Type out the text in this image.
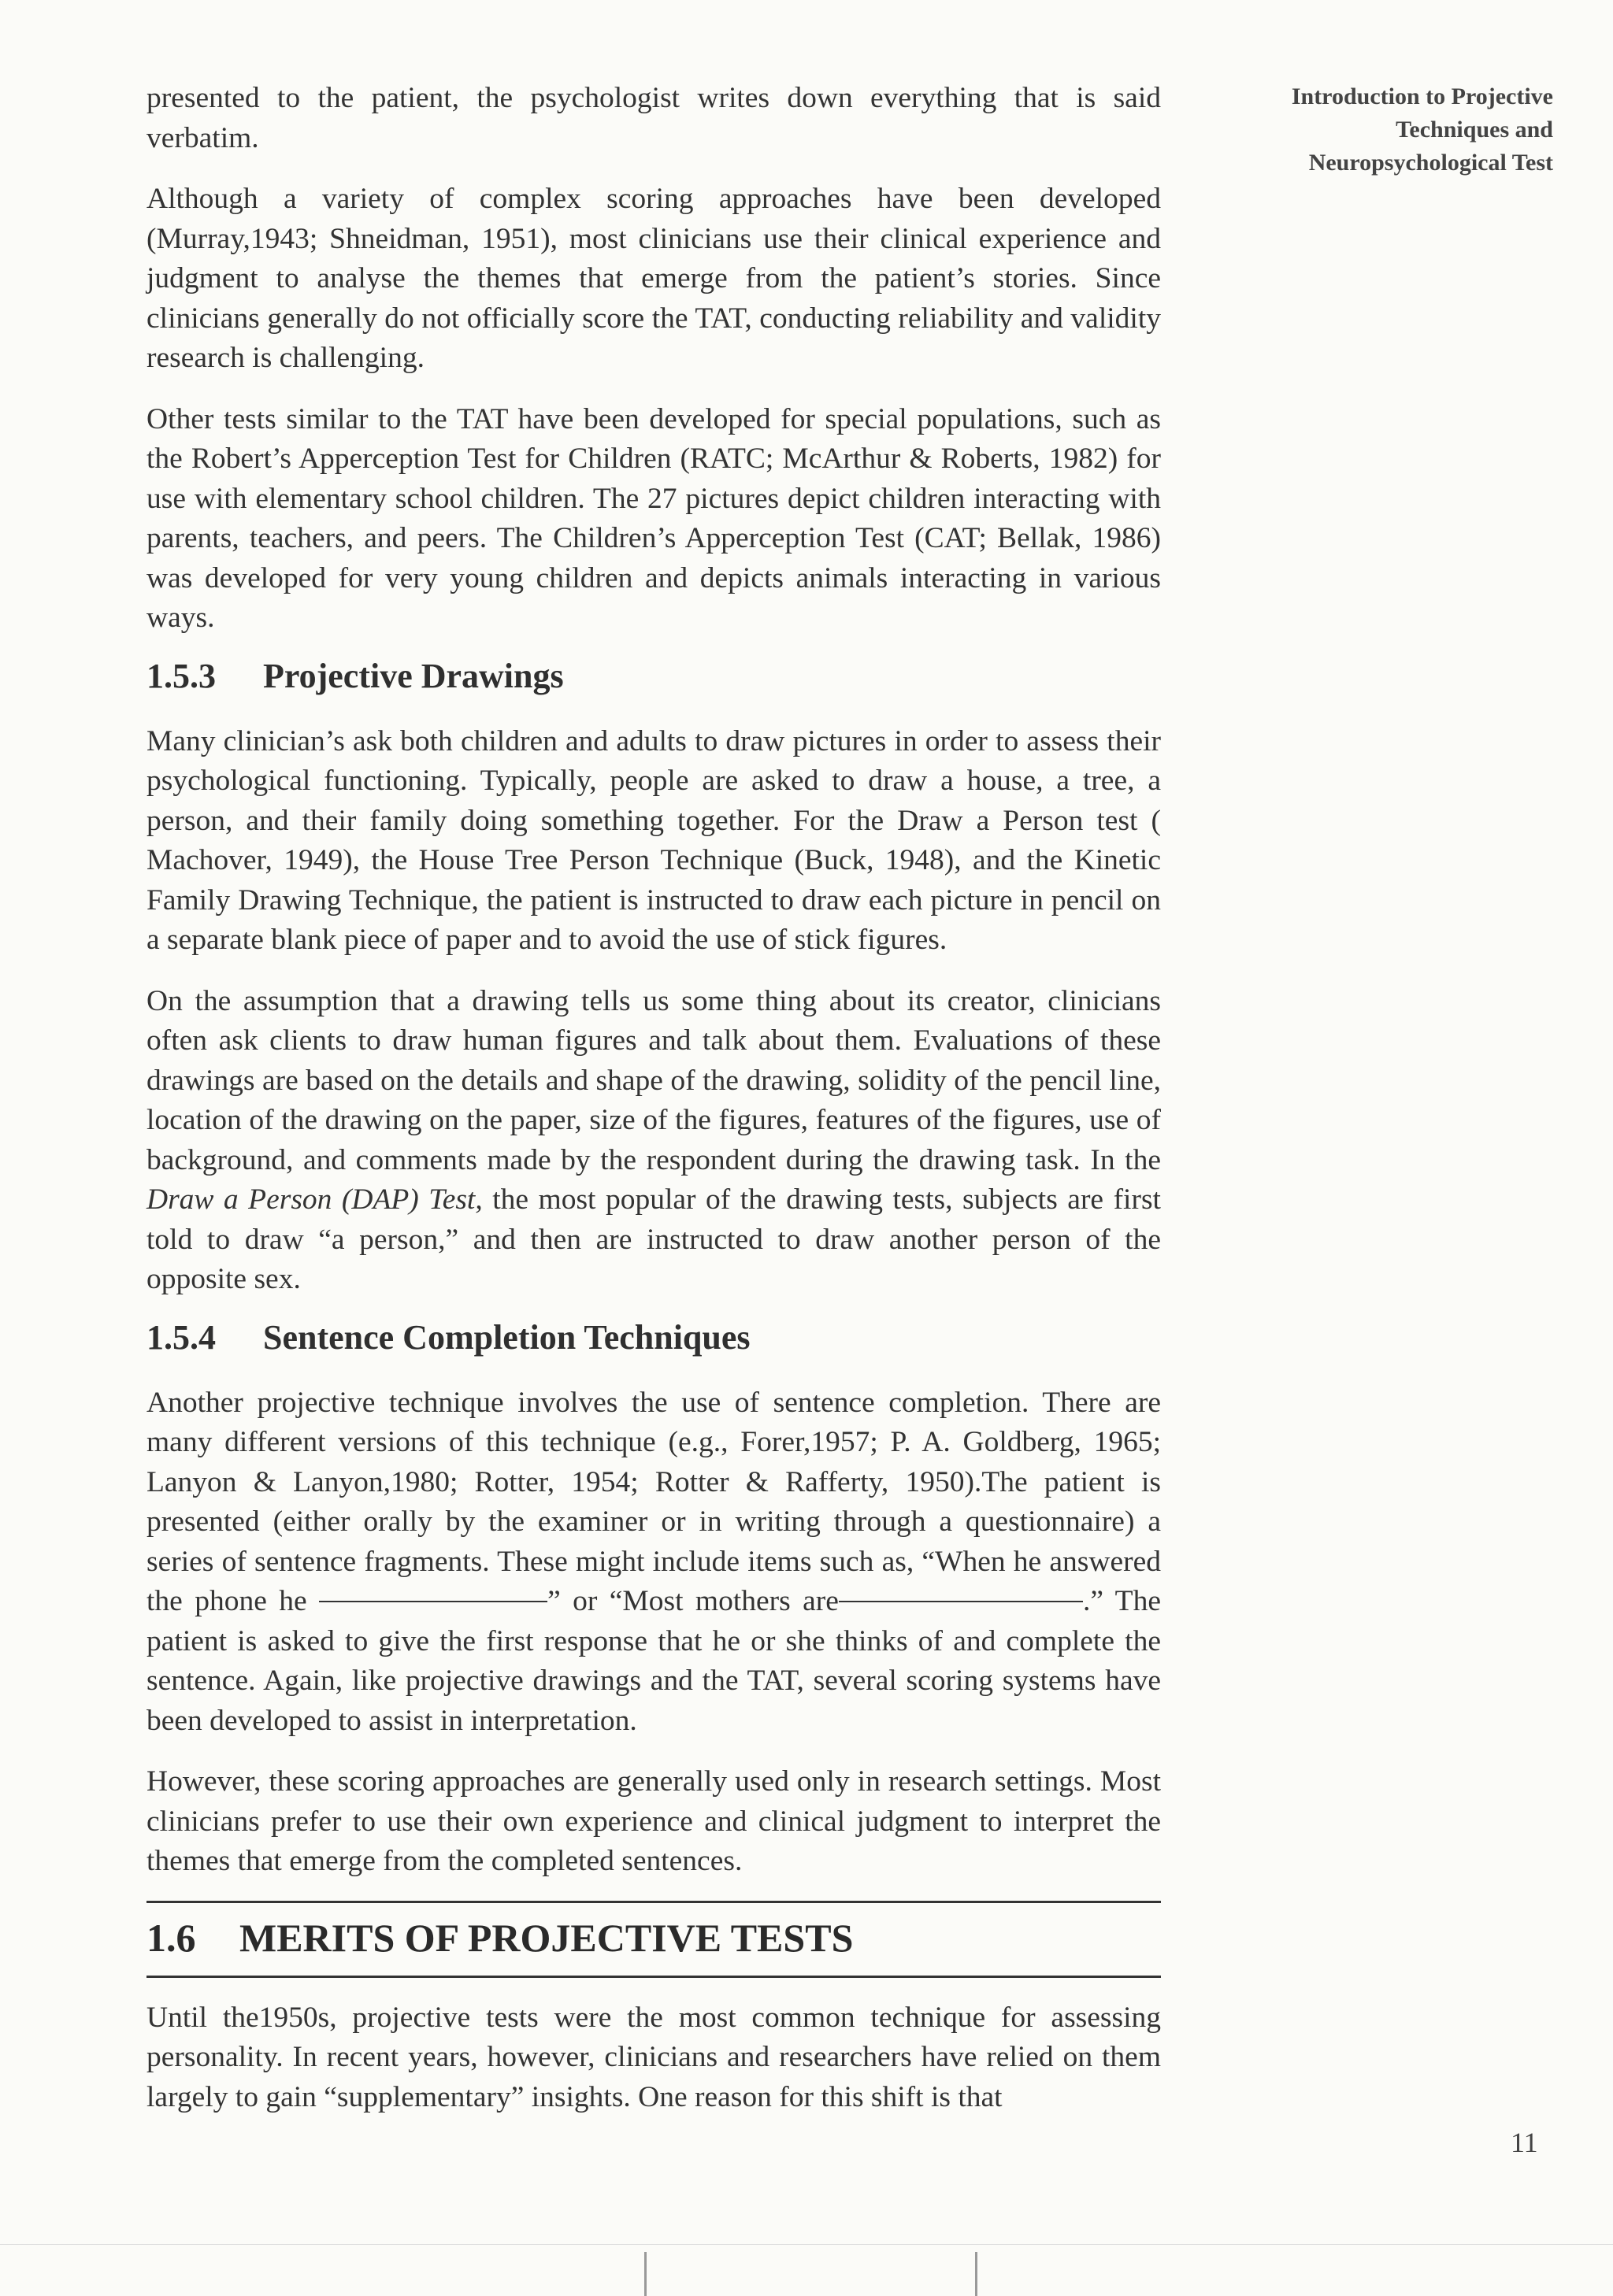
Introduction to Projective
Techniques and
Neuropsychological Test

presented to the patient, the psychologist writes down everything that is said verbatim.

Although a variety of complex scoring approaches have been developed (Murray,1943; Shneidman, 1951), most clinicians use their clinical experience and judgment to analyse the themes that emerge from the patient’s stories. Since clinicians generally do not officially score the TAT, conducting reliability and validity research is challenging.

Other tests similar to the TAT have been developed for special populations, such as the Robert’s Apperception Test for Children (RATC; McArthur & Roberts, 1982) for use with elementary school children. The 27 pictures depict children interacting with parents, teachers, and peers. The Children’s Apperception Test (CAT; Bellak, 1986) was developed for very young children and depicts animals interacting in various ways.

1.5.3 Projective Drawings

Many clinician’s ask both children and adults to draw pictures in order to assess their psychological functioning. Typically, people are asked to draw a house, a tree, a person, and their family doing something together. For the Draw a Person test ( Machover, 1949), the House Tree Person Technique (Buck, 1948), and the Kinetic Family Drawing Technique, the patient is instructed to draw each picture in pencil on a separate blank piece of paper and to avoid the use of stick figures.

On the assumption that a drawing tells us some thing about its creator, clinicians often ask clients to draw human figures and talk about them. Evaluations of these drawings are based on the details and shape of the drawing, solidity of the pencil line, location of the drawing on the paper, size of the figures, features of the figures, use of background, and comments made by the respondent during the drawing task. In the Draw a Person (DAP) Test, the most popular of the drawing tests, subjects are first told to draw “a person,” and then are instructed to draw another person of the opposite sex.

1.5.4 Sentence Completion Techniques

Another projective technique involves the use of sentence completion. There are many different versions of this technique (e.g., Forer,1957; P. A. Goldberg, 1965; Lanyon & Lanyon,1980; Rotter, 1954; Rotter & Rafferty, 1950).The patient is presented (either orally by the examiner or in writing through a questionnaire) a series of sentence fragments. These might include items such as, “When he answered the phone he	” or “Most mothers are	.” The patient is asked to give the first response that he or she thinks of and complete the sentence. Again, like projective drawings and the TAT, several scoring systems have been developed to assist in interpretation.

However, these scoring approaches are generally used only in research settings. Most clinicians prefer to use their own experience and clinical judgment to interpret the themes that emerge from the completed sentences.

1.6 MERITS OF PROJECTIVE TESTS

Until the1950s, projective tests were the most common technique for assessing personality. In recent years, however, clinicians and researchers have relied on them largely to gain “supplementary” insights. One reason for this shift is that

11
